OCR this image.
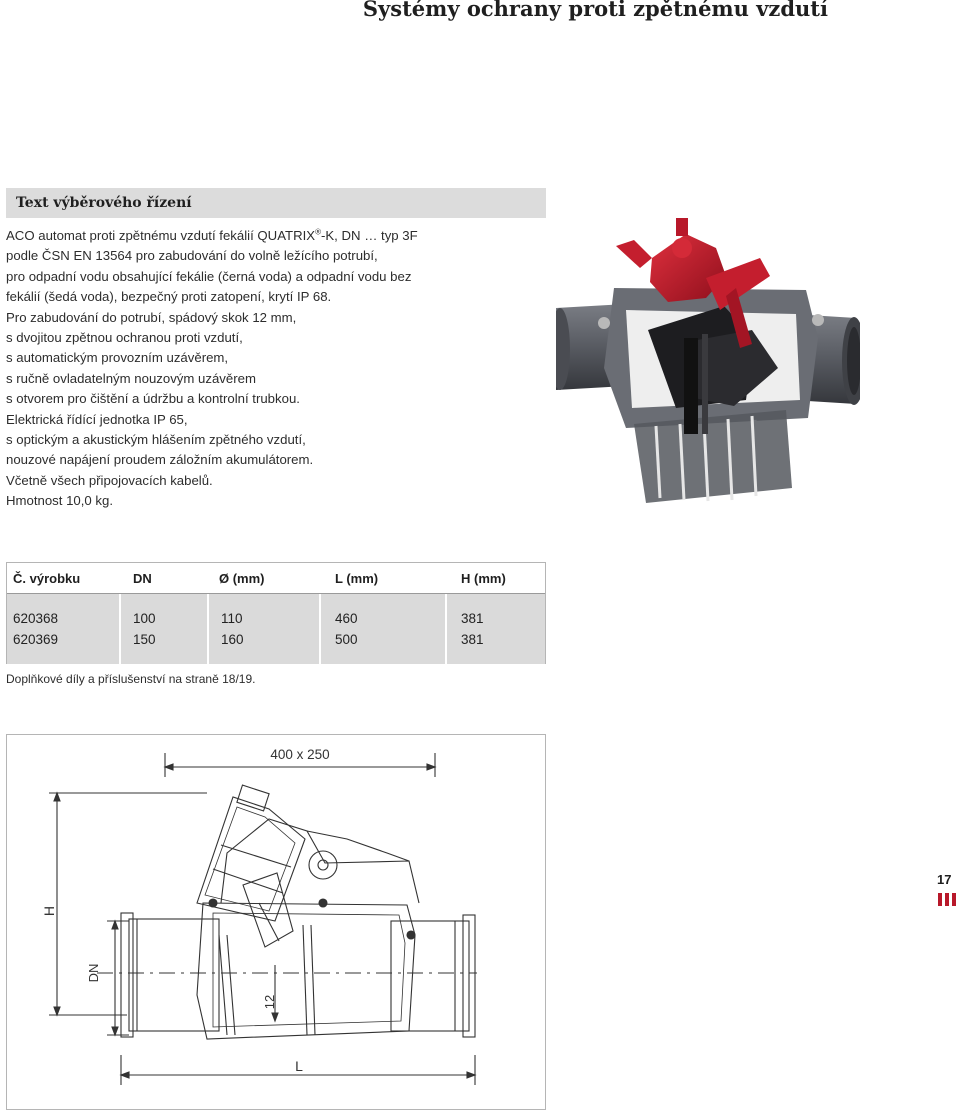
Systémy ochrany proti zpětnému vzdutí
Text výběrového řízení
ACO automat proti zpětnému vzdutí fekálií QUATRIX®-K, DN … typ 3F
podle ČSN EN 13564 pro zabudování do volně ležícího potrubí,
pro odpadní vodu obsahující fekálie (černá voda) a odpadní vodu bez
fekálií (šedá voda), bezpečný proti zatopení, krytí IP 68.
Pro zabudování do potrubí, spádový skok 12 mm,
s dvojitou zpětnou ochranou proti vzdutí,
s automatickým provozním uzávěrem,
s ručně ovladatelným nouzovým uzávěrem
s otvorem pro čištění a údržbu a kontrolní trubkou.
Elektrická řídící jednotka IP 65,
s optickým a akustickým hlášením zpětného vzdutí,
nouzové napájení proudem záložním akumulátorem.
Včetně všech připojovacích kabelů.
Hmotnost 10,0 kg.
Č. výrobku	DN	Ø (mm)	L (mm)	H (mm)
620368	100	110	460	381
620369	150	160	500	381
Doplňkové díly a příslušenství na straně 18/19.
400 x 250
H
DN
12
L
17
